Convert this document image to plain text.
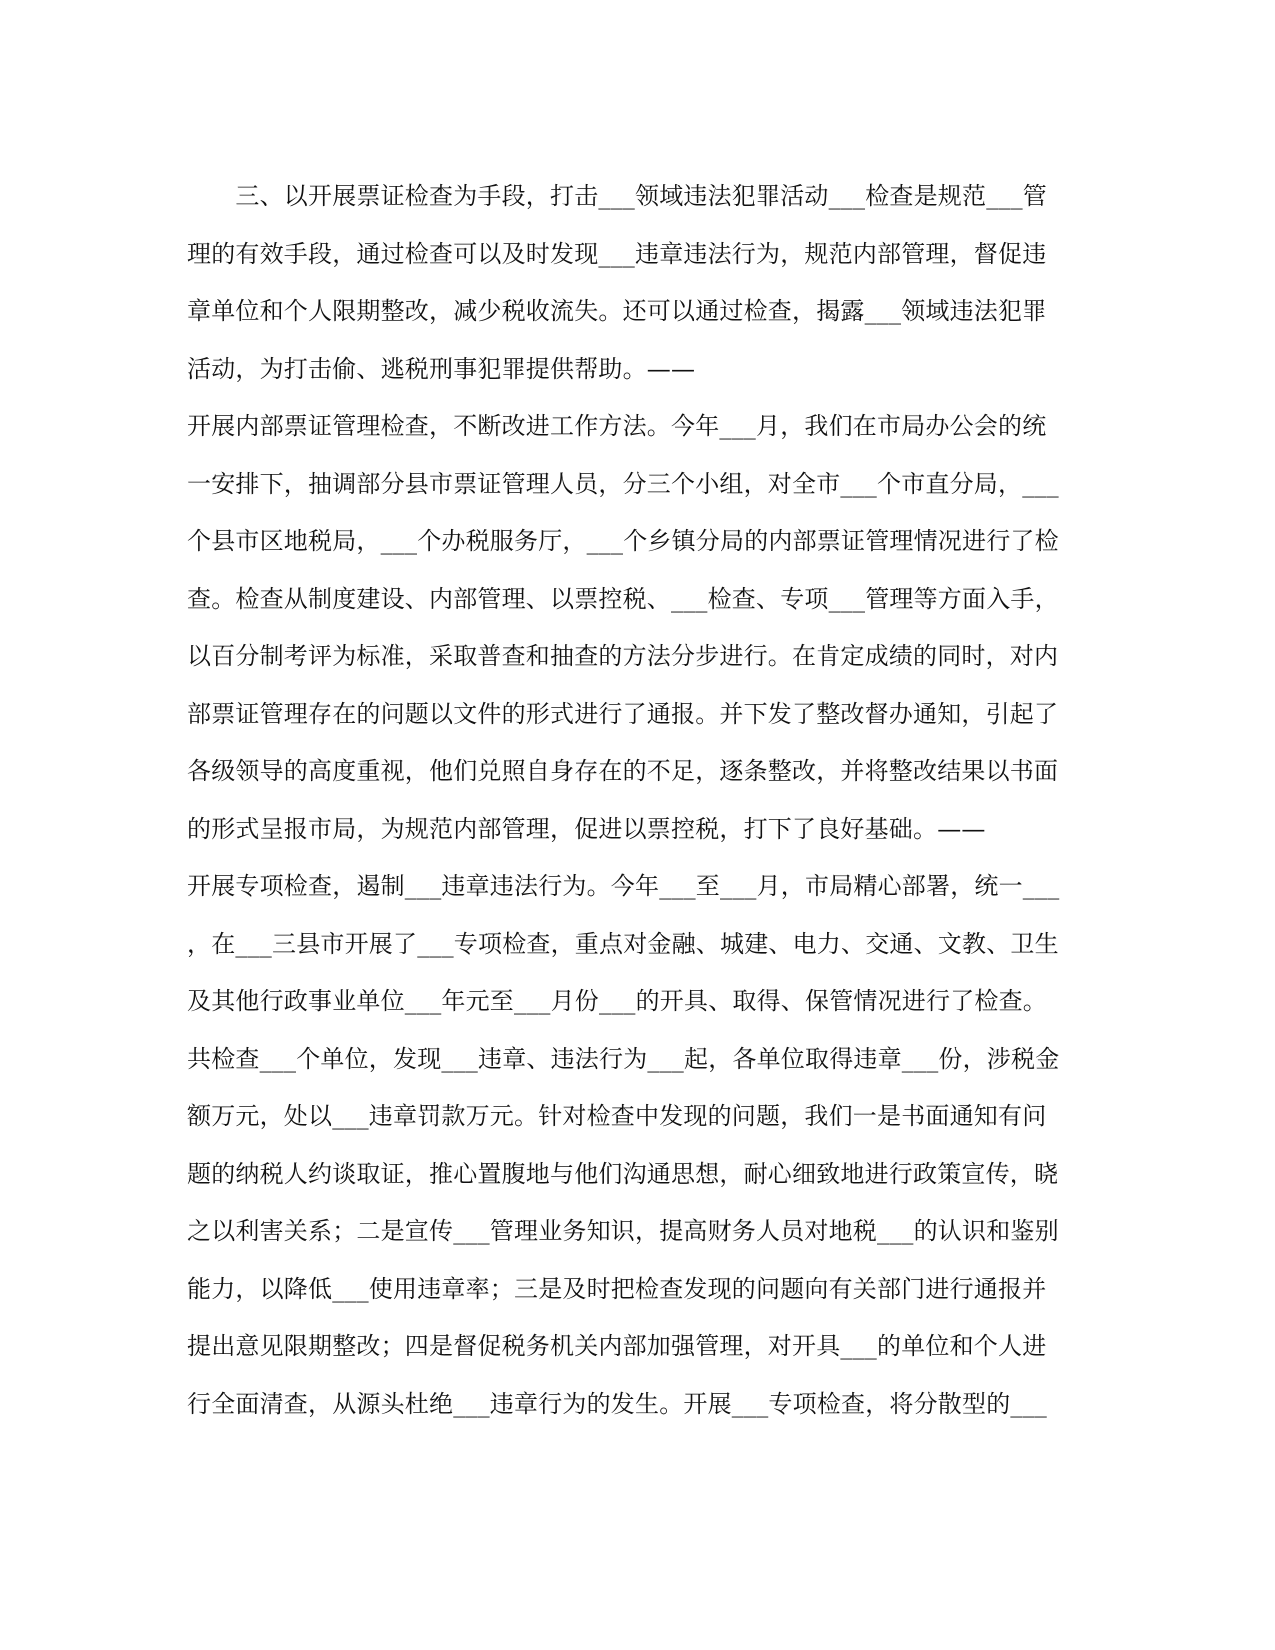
　　三、以开展票证检查为手段，打击___领域违法犯罪活动___检查是规范___管
理的有效手段，通过检查可以及时发现___违章违法行为，规范内部管理，督促违
章单位和个人限期整改，减少税收流失。还可以通过检查，揭露___领域违法犯罪
活动，为打击偷、逃税刑事犯罪提供帮助。——
开展内部票证管理检查，不断改进工作方法。今年___月，我们在市局办公会的统
一安排下，抽调部分县市票证管理人员，分三个小组，对全市___个市直分局，___
个县市区地税局，___个办税服务厅，___个乡镇分局的内部票证管理情况进行了检
查。检查从制度建设、内部管理、以票控税、___检查、专项___管理等方面入手，
以百分制考评为标准，采取普查和抽查的方法分步进行。在肯定成绩的同时，对内
部票证管理存在的问题以文件的形式进行了通报。并下发了整改督办通知，引起了
各级领导的高度重视，他们兑照自身存在的不足，逐条整改，并将整改结果以书面
的形式呈报市局，为规范内部管理，促进以票控税，打下了良好基础。——
开展专项检查，遏制___违章违法行为。今年___至___月，市局精心部署，统一___
，在___三县市开展了___专项检查，重点对金融、城建、电力、交通、文教、卫生
及其他行政事业单位___年元至___月份___的开具、取得、保管情况进行了检查。
共检查___个单位，发现___违章、违法行为___起，各单位取得违章___份，涉税金
额万元，处以___违章罚款万元。针对检查中发现的问题，我们一是书面通知有问
题的纳税人约谈取证，推心置腹地与他们沟通思想，耐心细致地进行政策宣传，晓
之以利害关系；二是宣传___管理业务知识，提高财务人员对地税___的认识和鉴别
能力，以降低___使用违章率；三是及时把检查发现的问题向有关部门进行通报并
提出意见限期整改；四是督促税务机关内部加强管理，对开具___的单位和个人进
行全面清查，从源头杜绝___违章行为的发生。开展___专项检查，将分散型的___
